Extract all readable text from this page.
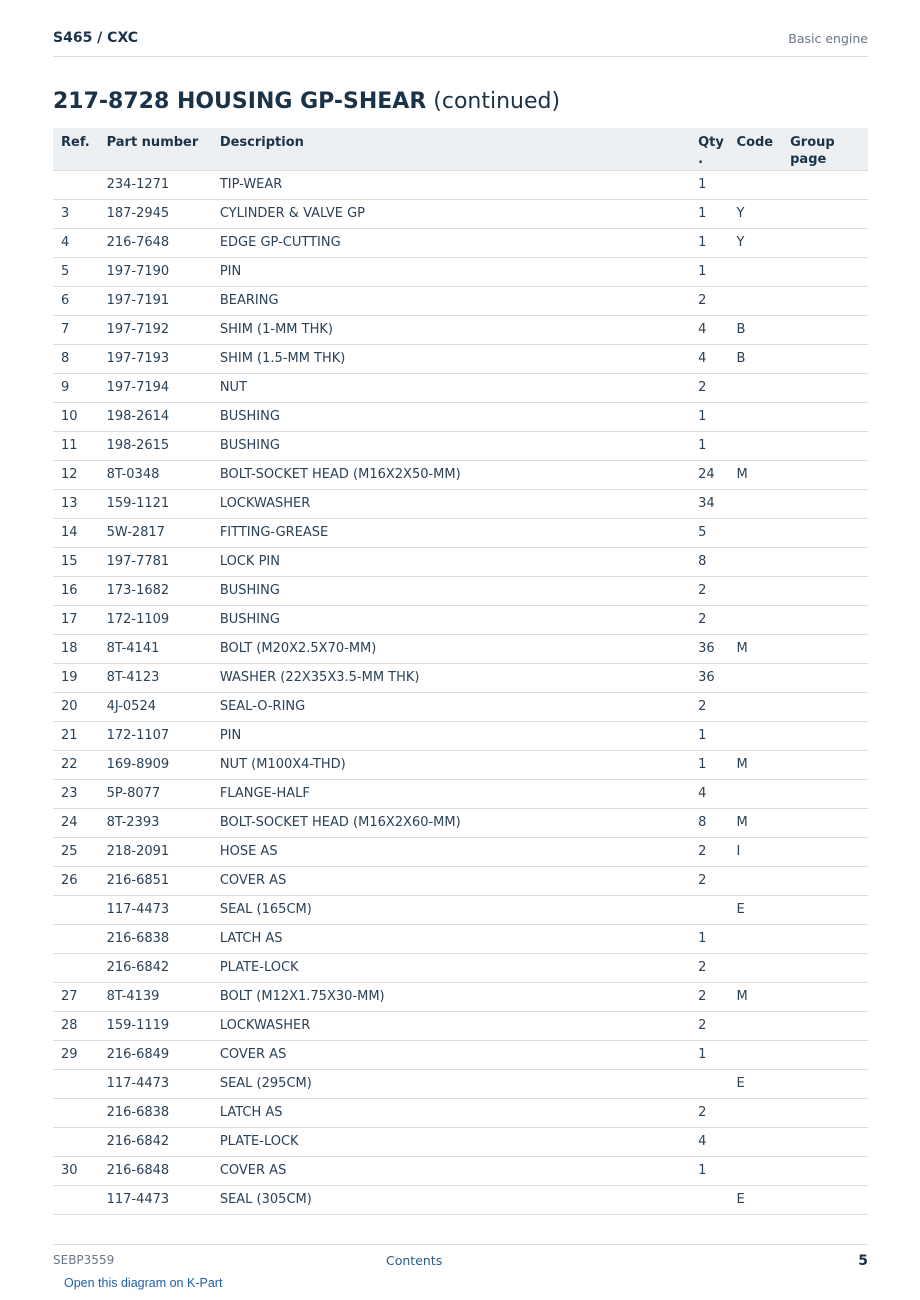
S465 / CXC	Basic engine
217-8728 HOUSING GP-SHEAR (continued)
Ref.	Part number	Description	Qty .	Code	Group page
	234-1271	TIP-WEAR	1		
3	187-2945	CYLINDER & VALVE GP	1	Y	
4	216-7648	EDGE GP-CUTTING	1	Y	
5	197-7190	PIN	1		
6	197-7191	BEARING	2		
7	197-7192	SHIM (1-MM THK)	4	B	
8	197-7193	SHIM (1.5-MM THK)	4	B	
9	197-7194	NUT	2		
10	198-2614	BUSHING	1		
11	198-2615	BUSHING	1		
12	8T-0348	BOLT-SOCKET HEAD (M16X2X50-MM)	24	M	
13	159-1121	LOCKWASHER	34		
14	5W-2817	FITTING-GREASE	5		
15	197-7781	LOCK PIN	8		
16	173-1682	BUSHING	2		
17	172-1109	BUSHING	2		
18	8T-4141	BOLT (M20X2.5X70-MM)	36	M	
19	8T-4123	WASHER (22X35X3.5-MM THK)	36		
20	4J-0524	SEAL-O-RING	2		
21	172-1107	PIN	1		
22	169-8909	NUT (M100X4-THD)	1	M	
23	5P-8077	FLANGE-HALF	4		
24	8T-2393	BOLT-SOCKET HEAD (M16X2X60-MM)	8	M	
25	218-2091	HOSE AS	2	I	
26	216-6851	COVER AS	2		
	117-4473	SEAL (165CM)		E	
	216-6838	LATCH AS	1		
	216-6842	PLATE-LOCK	2		
27	8T-4139	BOLT (M12X1.75X30-MM)	2	M	
28	159-1119	LOCKWASHER	2		
29	216-6849	COVER AS	1		
	117-4473	SEAL (295CM)		E	
	216-6838	LATCH AS	2		
	216-6842	PLATE-LOCK	4		
30	216-6848	COVER AS	1		
	117-4473	SEAL (305CM)		E	
SEBP3559	Contents	5
Open this diagram on K-Part
